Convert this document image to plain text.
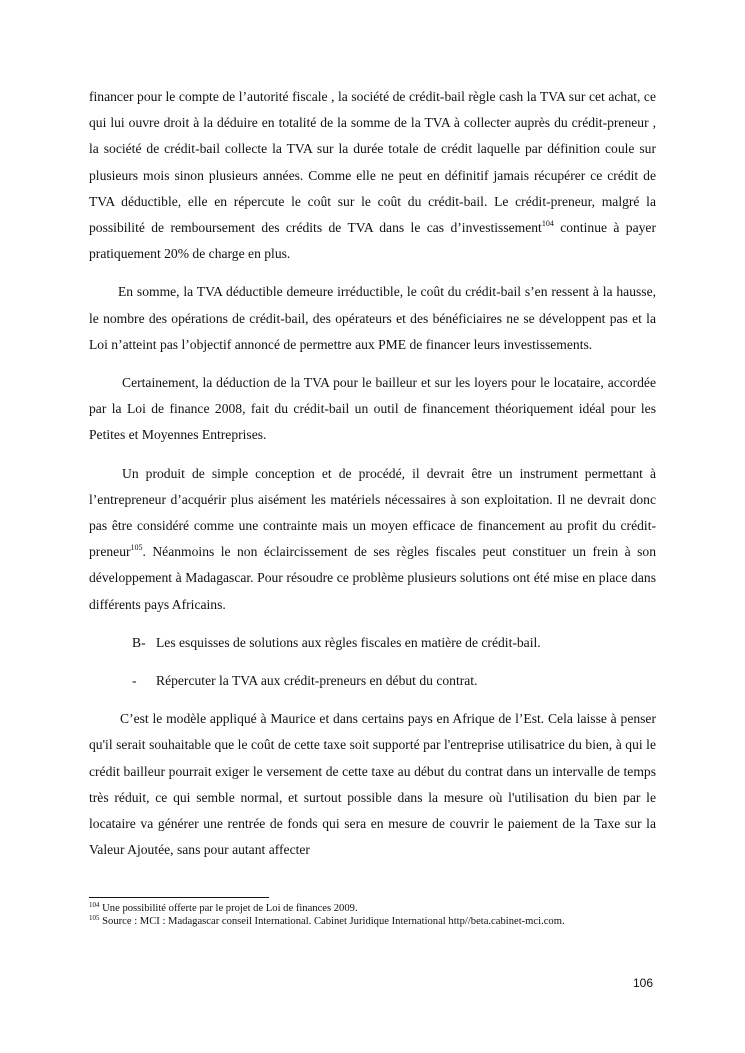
financer pour le compte de l’autorité fiscale , la société de crédit-bail règle cash la TVA sur cet achat, ce qui lui ouvre droit à la déduire en totalité de la somme de la TVA à collecter auprès du crédit-preneur , la société de crédit-bail collecte la TVA sur la durée totale de crédit laquelle par définition coule sur plusieurs mois sinon plusieurs années. Comme elle ne peut en définitif jamais récupérer ce crédit de TVA déductible, elle en répercute le coût sur le coût du crédit-bail. Le crédit-preneur, malgré la possibilité de remboursement des crédits de TVA dans le cas d’investissement$^{104}$ continue à payer pratiquement 20% de charge en plus.

En somme, la TVA déductible demeure irréductible, le coût du crédit-bail s’en ressent à la hausse, le nombre des opérations de crédit-bail, des opérateurs et des bénéficiaires ne se développent pas et la Loi n’atteint pas l’objectif annoncé de permettre aux PME de financer leurs investissements.

Certainement, la déduction de la TVA pour le bailleur et sur les loyers pour le locataire, accordée par la Loi de finance 2008, fait du crédit-bail un outil de financement théoriquement idéal pour les Petites et Moyennes Entreprises.

Un produit de simple conception et de procédé, il devrait être un instrument permettant à l’entrepreneur d’acquérir plus aisément les matériels nécessaires à son exploitation. Il ne devrait donc pas être considéré comme une contrainte mais un moyen efficace de financement au profit du crédit-preneur$^{105}$. Néanmoins le non éclaircissement de ses règles fiscales peut constituer un frein à son développement à Madagascar. Pour résoudre ce problème plusieurs solutions ont été mise en place dans différents pays Africains.

B- Les esquisses de solutions aux règles fiscales en matière de crédit-bail.
-	Répercuter la TVA aux crédit-preneurs en début du contrat.

C’est le modèle appliqué à Maurice et dans certains pays en Afrique de l’Est. Cela laisse à penser qu'il serait souhaitable que le coût de cette taxe soit supporté par l'entreprise utilisatrice du bien, à qui le crédit bailleur pourrait exiger le versement de cette taxe au début du contrat dans un intervalle de temps très réduit, ce qui semble normal, et surtout possible dans la mesure où l'utilisation du bien par le locataire va générer une rentrée de fonds qui sera en mesure de couvrir le paiement de la Taxe sur la Valeur Ajoutée, sans pour autant affecter

$^{104}$ Une possibilité offerte par le projet de Loi de finances 2009.

$^{105}$ Source : MCI : Madagascar conseil International. Cabinet Juridique International http//beta.cabinet-mci.com.

106
